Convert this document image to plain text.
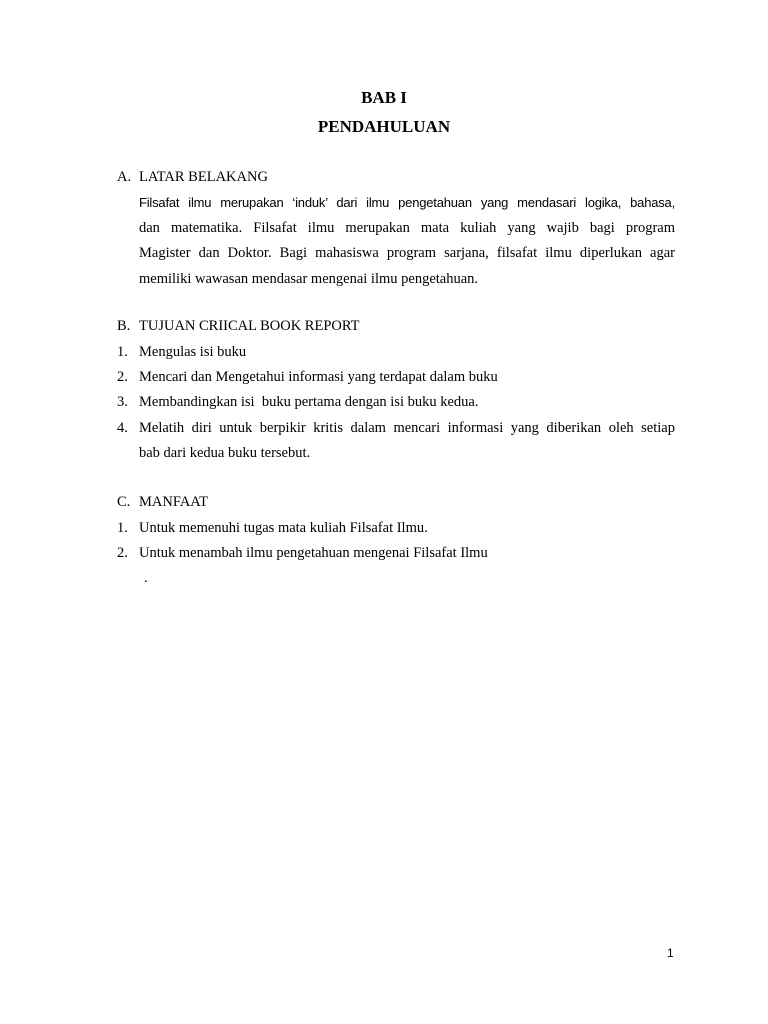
BAB I
PENDAHULUAN
A. LATAR BELAKANG
Filsafat ilmu merupakan ‘induk’ dari ilmu pengetahuan yang mendasari logika, bahasa,
dan matematika. Filsafat ilmu merupakan mata kuliah yang wajib bagi program
Magister dan Doktor. Bagi mahasiswa program sarjana, filsafat ilmu diperlukan agar
memiliki wawasan mendasar mengenai ilmu pengetahuan.
B. TUJUAN CRIICAL BOOK REPORT
1. Mengulas isi buku
2. Mencari dan Mengetahui informasi yang terdapat dalam buku
3. Membandingkan isi  buku pertama dengan isi buku kedua.
4. Melatih diri untuk berpikir kritis dalam mencari informasi yang diberikan oleh setiap
bab dari kedua buku tersebut.
C. MANFAAT
1. Untuk memenuhi tugas mata kuliah Filsafat Ilmu.
2. Untuk menambah ilmu pengetahuan mengenai Filsafat Ilmu
.
1
